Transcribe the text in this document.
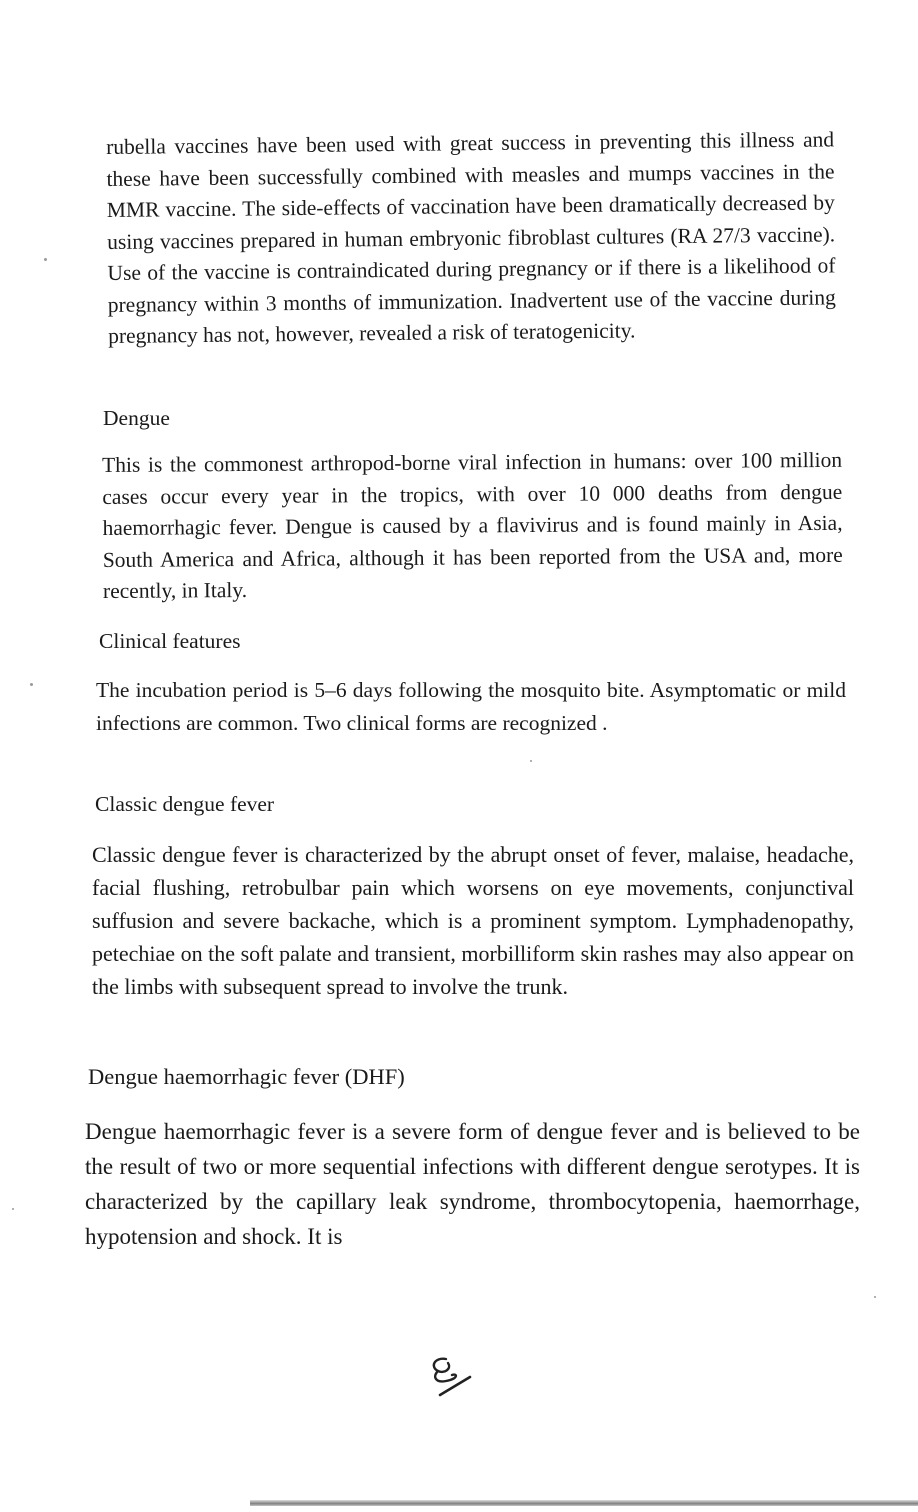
rubella vaccines have been used with great success in preventing this illness and these have been successfully combined with measles and mumps vaccines in the MMR vaccine. The side-effects of vaccination have been dramatically decreased by using vaccines prepared in human embryonic fibroblast cultures (RA 27/3 vaccine). Use of the vaccine is contraindicated during pregnancy or if there is a likelihood of pregnancy within 3 months of immunization. Inadvertent use of the vaccine during pregnancy has not, however, revealed a risk of teratogenicity.

Dengue

This is the commonest arthropod-borne viral infection in humans: over 100 million cases occur every year in the tropics, with over 10 000 deaths from dengue haemorrhagic fever. Dengue is caused by a flavivirus and is found mainly in Asia, South America and Africa, although it has been reported from the USA and, more recently, in Italy.

Clinical features

The incubation period is 5–6 days following the mosquito bite. Asymptomatic or mild infections are common. Two clinical forms are recognized .

Classic dengue fever

Classic dengue fever is characterized by the abrupt onset of fever, malaise, headache, facial flushing, retrobulbar pain which worsens on eye movements, conjunctival suffusion and severe backache, which is a prominent symptom. Lymphadenopathy, petechiae on the soft palate and transient, morbilliform skin rashes may also appear on the limbs with subsequent spread to involve the trunk.

Dengue haemorrhagic fever (DHF)

Dengue haemorrhagic fever is a severe form of dengue fever and is believed to be the result of two or more sequential infections with different dengue serotypes. It is characterized by the capillary leak syndrome, thrombocytopenia, haemorrhage, hypotension and shock. It is
